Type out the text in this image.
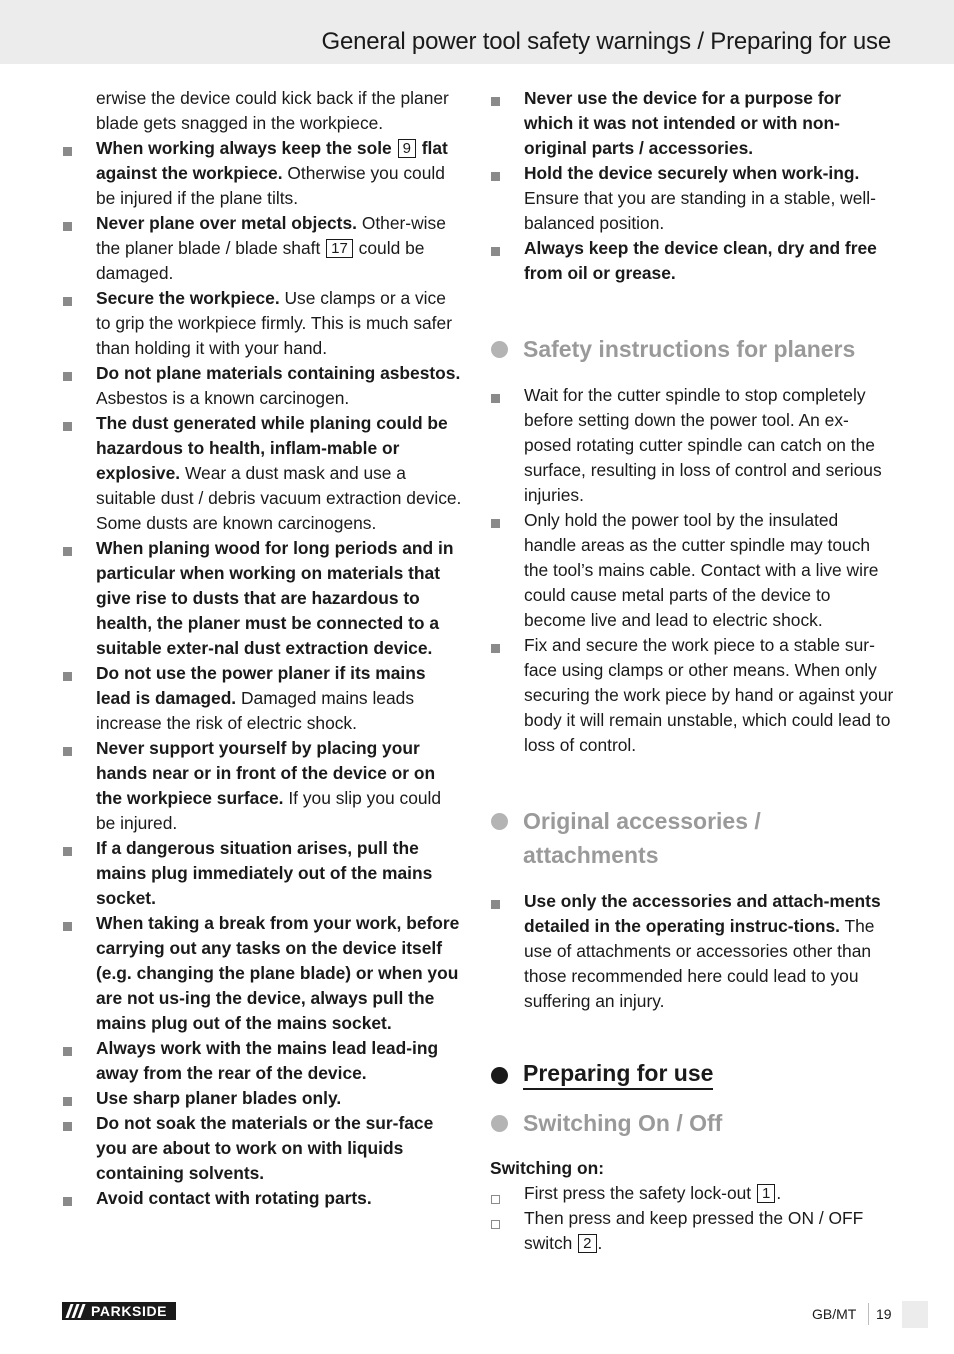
General power tool safety warnings / Preparing for use
erwise the device could kick back if the planer blade gets snagged in the workpiece.
When working always keep the sole 9 flat against the workpiece. Otherwise you could be injured if the plane tilts.
Never plane over metal objects. Other-wise the planer blade / blade shaft 17 could be damaged.
Secure the workpiece. Use clamps or a vice to grip the workpiece firmly. This is much safer than holding it with your hand.
Do not plane materials containing asbestos. Asbestos is a known carcinogen.
The dust generated while planing could be hazardous to health, inflam-mable or explosive. Wear a dust mask and use a suitable dust / debris vacuum extraction device. Some dusts are known carcinogens.
When planing wood for long periods and in particular when working on materials that give rise to dusts that are hazardous to health, the planer must be connected to a suitable exter-nal dust extraction device.
Do not use the power planer if its mains lead is damaged. Damaged mains leads increase the risk of electric shock.
Never support yourself by placing your hands near or in front of the device or on the workpiece surface. If you slip you could be injured.
If a dangerous situation arises, pull the mains plug immediately out of the mains socket.
When taking a break from your work, before carrying out any tasks on the device itself (e.g. changing the plane blade) or when you are not us-ing the device, always pull the mains plug out of the mains socket.
Always work with the mains lead lead-ing away from the rear of the device.
Use sharp planer blades only.
Do not soak the materials or the sur-face you are about to work on with liquids containing solvents.
Avoid contact with rotating parts.
Never use the device for a purpose for which it was not intended or with non-original parts / accessories.
Hold the device securely when work-ing. Ensure that you are standing in a stable, well-balanced position.
Always keep the device clean, dry and free from oil or grease.
Safety instructions for planers
Wait for the cutter spindle to stop completely before setting down the power tool. An ex-posed rotating cutter spindle can catch on the surface, resulting in loss of control and serious injuries.
Only hold the power tool by the insulated handle areas as the cutter spindle may touch the tool’s mains cable. Contact with a live wire could cause metal parts of the device to become live and lead to electric shock.
Fix and secure the work piece to a stable sur-face using clamps or other means. When only securing the work piece by hand or against your body it will remain unstable, which could lead to loss of control.
Original accessories / attachments
Use only the accessories and attach-ments detailed in the operating instruc-tions. The use of attachments or accessories other than those recommended here could lead to you suffering an injury.
Preparing for use
Switching On / Off
Switching on:
First press the safety lock-out 1 .
Then press and keep pressed the ON / OFF switch 2 .
PARKSIDE	GB/MT 19
